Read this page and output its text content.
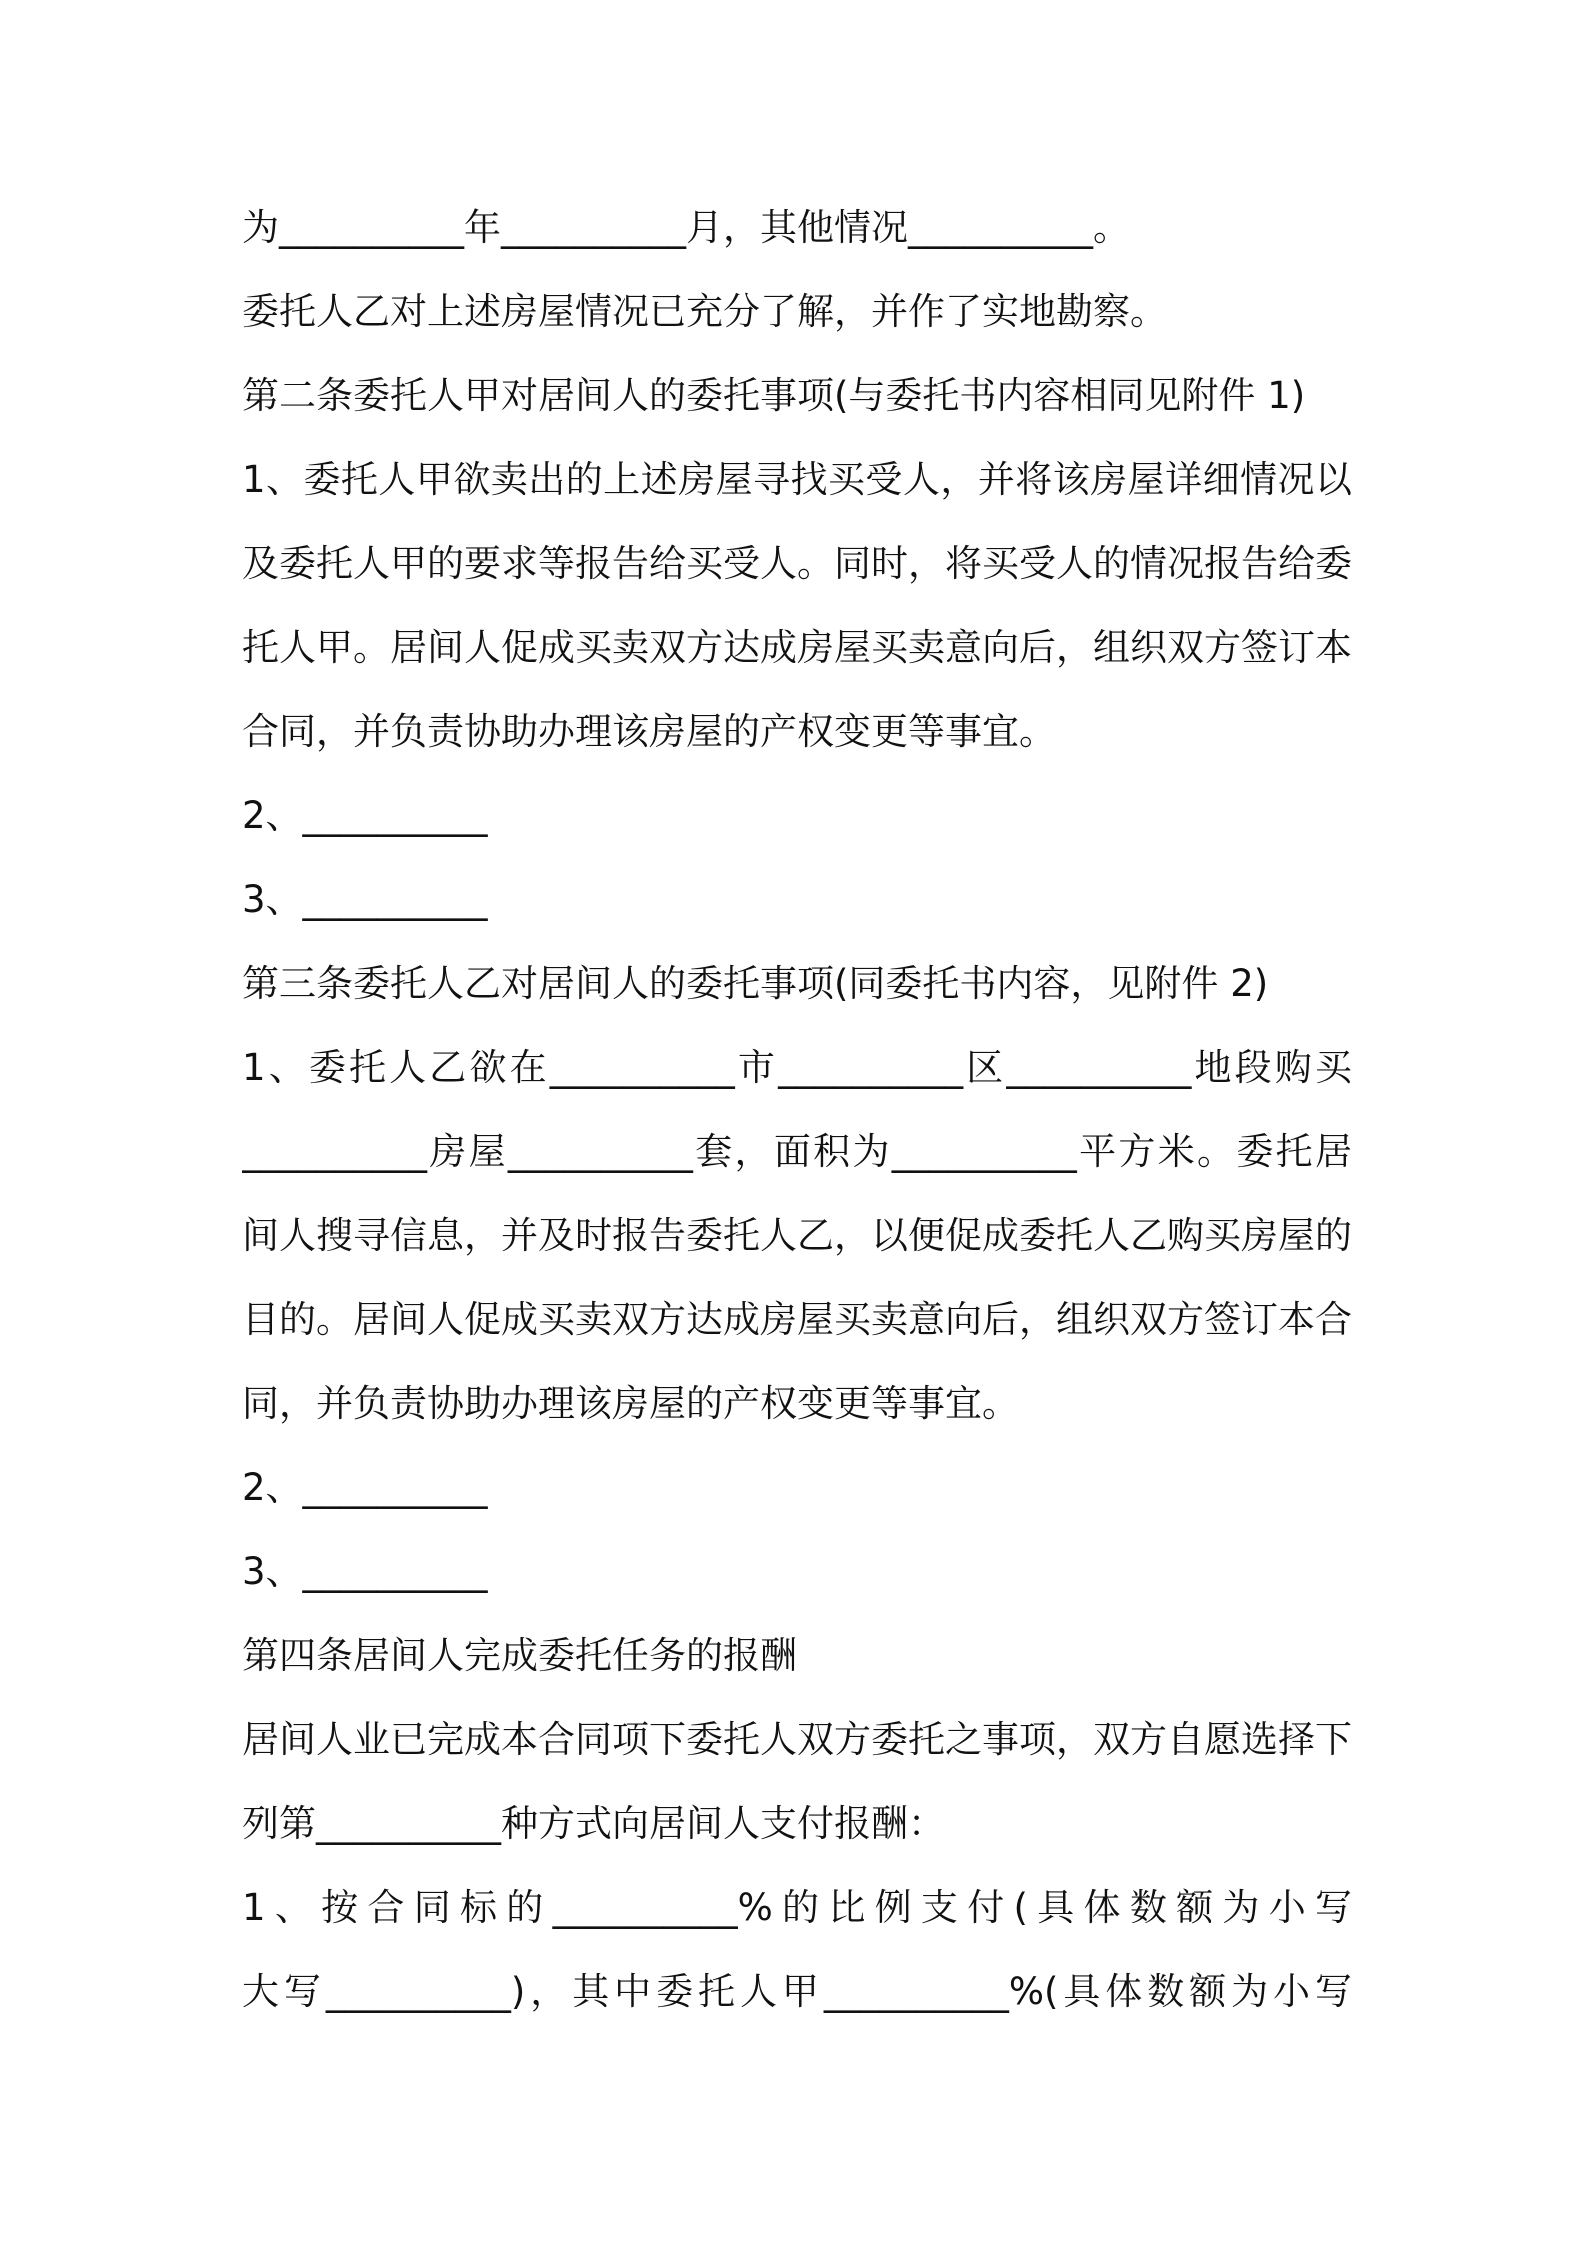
为__________年__________月，其他情况__________。
委托人乙对上述房屋情况已充分了解，并作了实地勘察。
第二条委托人甲对居间人的委托事项(与委托书内容相同见附件 1)
1、委托人甲欲卖出的上述房屋寻找买受人，并将该房屋详细情况以
及委托人甲的要求等报告给买受人。同时，将买受人的情况报告给委
托人甲。居间人促成买卖双方达成房屋买卖意向后，组织双方签订本
合同，并负责协助办理该房屋的产权变更等事宜。
2、__________
3、__________
第三条委托人乙对居间人的委托事项(同委托书内容，见附件 2)
1、委托人乙欲在__________市__________区__________地段购买
__________房屋__________套，面积为__________平方米。委托居
间人搜寻信息，并及时报告委托人乙，以便促成委托人乙购买房屋的
目的。居间人促成买卖双方达成房屋买卖意向后，组织双方签订本合
同，并负责协助办理该房屋的产权变更等事宜。
2、__________
3、__________
第四条居间人完成委托任务的报酬
居间人业已完成本合同项下委托人双方委托之事项，双方自愿选择下
列第__________种方式向居间人支付报酬：
1、按合同标的__________%的比例支付(具体数额为小写
大写__________)，其中委托人甲__________%(具体数额为小写
